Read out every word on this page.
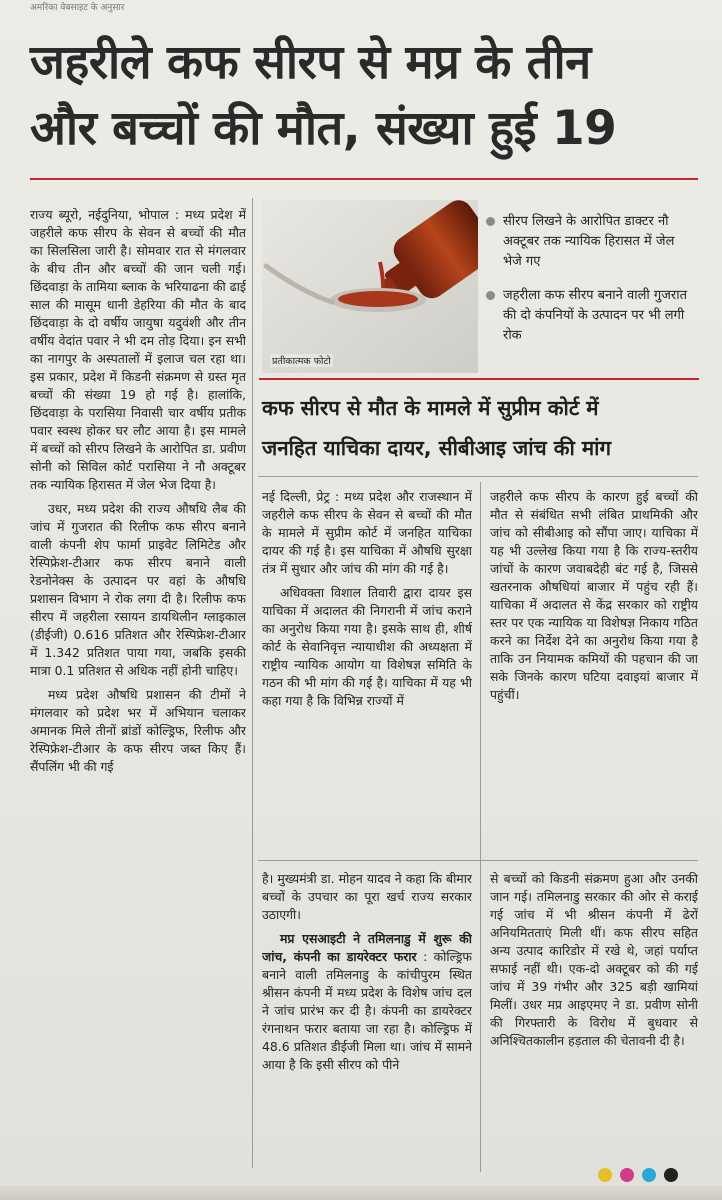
अमरिका वेबसाइट के अनुसार
जहरीले कफ सीरप से मप्र के तीन
और बच्चों की मौत, संख्या हुई 19

राज्य ब्यूरो, नईदुनिया, भोपाल : मध्य प्रदेश में जहरीले कफ सीरप के सेवन से बच्चों की मौत का सिलसिला जारी है। सोमवार रात से मंगलवार के बीच तीन और बच्चों की जान चली गई। छिंदवाड़ा के तामिया ब्लाक के भरियाढना की ढाई साल की मासूम धानी डेहरिया की मौत के बाद छिंदवाड़ा के दो वर्षीय जायुषा यदुवंशी और तीन वर्षीय वेदांत पवार ने भी दम तोड़ दिया। इन सभी का नागपुर के अस्पतालों में इलाज चल रहा था। इस प्रकार, प्रदेश में किडनी संक्रमण से ग्रस्त मृत बच्चों की संख्या 19 हो गई है। हालांकि, छिंदवाड़ा के परासिया निवासी चार वर्षीय प्रतीक पवार स्वस्थ होकर घर लौट आया है। इस मामले में बच्चों को सीरप लिखने के आरोपित डा. प्रवीण सोनी को सिविल कोर्ट परासिया ने नौ अक्टूबर तक न्यायिक हिरासत में जेल भेज दिया है।

उधर, मध्य प्रदेश की राज्य औषधि लैब की जांच में गुजरात की रिलीफ कफ सीरप बनाने वाली कंपनी शेप फार्मा प्राइवेट लिमिटेड और रेस्पिफ्रेश-टीआर कफ सीरप बनाने वाली रेडनोनेक्स के उत्पादन पर वहां के औषधि प्रशासन विभाग ने रोक लगा दी है। रिलीफ कफ सीरप में जहरीला रसायन डायथिलीन ग्लाइकाल (डीईजी) 0.616 प्रतिशत और रेस्पिफ्रेश-टीआर में 1.342 प्रतिशत पाया गया, जबकि इसकी मात्रा 0.1 प्रतिशत से अधिक नहीं होनी चाहिए।

मध्य प्रदेश औषधि प्रशासन की टीमों ने मंगलवार को प्रदेश भर में अभियान चलाकर अमानक मिले तीनों ब्रांडों कोल्ड्रिफ, रिलीफ और रेस्पिफ्रेश-टीआर के कफ सीरप जब्त किए हैं। सैंपलिंग भी की गई

प्रतीकात्मक फोटो
सीरप लिखने के आरोपित डाक्टर नौ अक्टूबर तक न्यायिक हिरासत में जेल भेजे गए
जहरीला कफ सीरप बनाने वाली गुजरात की दो कंपनियों के उत्पादन पर भी लगी रोक
कफ सीरप से मौत के मामले में सुप्रीम कोर्ट में
जनहित याचिका दायर, सीबीआइ जांच की मांग

नई दिल्ली, प्रेट्र : मध्य प्रदेश और राजस्थान में जहरीले कफ सीरप के सेवन से बच्चों की मौत के मामले में सुप्रीम कोर्ट में जनहित याचिका दायर की गई है। इस याचिका में औषधि सुरक्षा तंत्र में सुधार और जांच की मांग की गई है।

अधिवक्ता विशाल तिवारी द्वारा दायर इस याचिका में अदालत की निगरानी में जांच कराने का अनुरोध किया गया है। इसके साथ ही, शीर्ष कोर्ट के सेवानिवृत्त न्यायाधीश की अध्यक्षता में राष्ट्रीय न्यायिक आयोग या विशेषज्ञ समिति के गठन की भी मांग की गई है। याचिका में यह भी कहा गया है कि विभिन्न राज्यों में

जहरीले कफ सीरप के कारण हुई बच्चों की मौत से संबंधित सभी लंबित प्राथमिकी और जांच को सीबीआइ को सौंपा जाए। याचिका में यह भी उल्लेख किया गया है कि राज्य-स्तरीय जांचों के कारण जवाबदेही बंट गई है, जिससे खतरनाक औषधियां बाजार में पहुंच रही हैं। याचिका में अदालत से केंद्र सरकार को राष्ट्रीय स्तर पर एक न्यायिक या विशेषज्ञ निकाय गठित करने का निर्देश देने का अनुरोध किया गया है ताकि उन नियामक कमियों की पहचान की जा सके जिनके कारण घटिया दवाइयां बाजार में पहुंचीं।

है। मुख्यमंत्री डा. मोहन यादव ने कहा कि बीमार बच्चों के उपचार का पूरा खर्च राज्य सरकार उठाएगी।

मप्र एसआइटी ने तमिलनाडु में शुरू की जांच, कंपनी का डायरेक्टर फरार : कोल्ड्रिफ बनाने वाली तमिलनाडु के कांचीपुरम स्थित श्रीसन कंपनी में मध्य प्रदेश के विशेष जांच दल ने जांच प्रारंभ कर दी है। कंपनी का डायरेक्टर रंगनाथन फरार बताया जा रहा है। कोल्ड्रिफ में 48.6 प्रतिशत डीईजी मिला था। जांच में सामने आया है कि इसी सीरप को पीने

से बच्चों को किडनी संक्रमण हुआ और उनकी जान गई। तमिलनाडु सरकार की ओर से कराई गई जांच में भी श्रीसन कंपनी में ढेरों अनियमितताएं मिली थीं। कफ सीरप सहित अन्य उत्पाद कारिडोर में रखे थे, जहां पर्याप्त सफाई नहीं थी। एक-दो अक्टूबर को की गई जांच में 39 गंभीर और 325 बड़ी खामियां मिलीं। उधर मप्र आइएमए ने डा. प्रवीण सोनी की गिरफ्तारी के विरोध में बुधवार से अनिश्चितकालीन हड़ताल की चेतावनी दी है।
